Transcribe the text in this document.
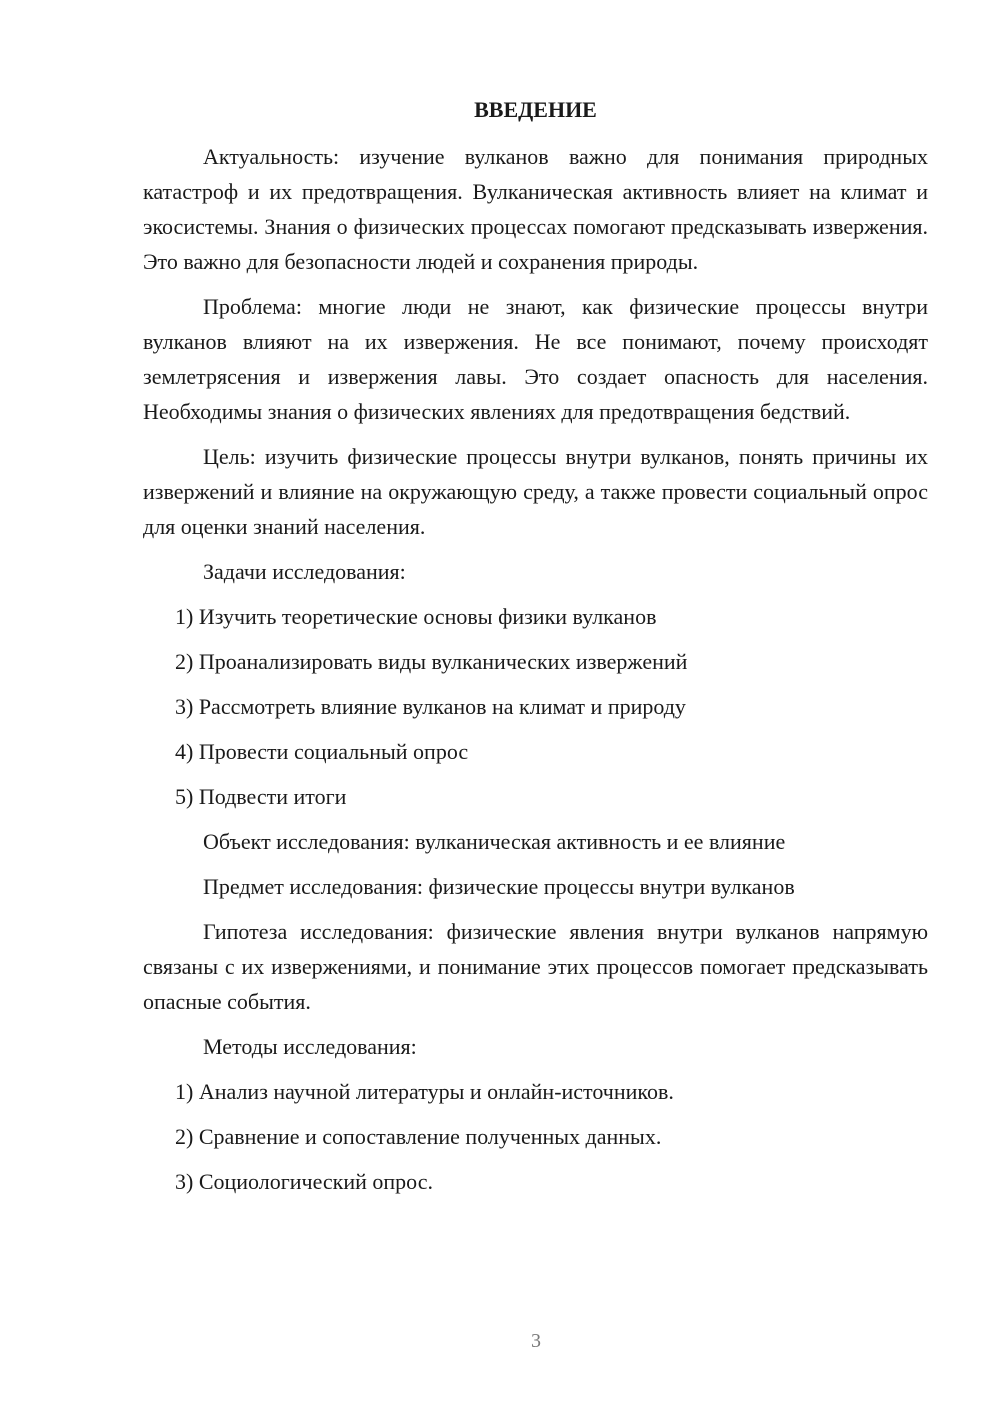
ВВЕДЕНИЕ

Актуальность: изучение вулканов важно для понимания природных катастроф и их предотвращения. Вулканическая активность влияет на климат и экосистемы. Знания о физических процессах помогают предсказывать извержения. Это важно для безопасности людей и сохранения природы.

Проблема: многие люди не знают, как физические процессы внутри вулканов влияют на их извержения. Не все понимают, почему происходят землетрясения и извержения лавы. Это создает опасность для населения. Необходимы знания о физических явлениях для предотвращения бедствий.

Цель: изучить физические процессы внутри вулканов, понять причины их извержений и влияние на окружающую среду, а также провести социальный опрос для оценки знаний населения.

Задачи исследования:

1) Изучить теоретические основы физики вулканов
2) Проанализировать виды вулканических извержений
3) Рассмотреть влияние вулканов на климат и природу
4) Провести социальный опрос
5) Подвести итоги

Объект исследования: вулканическая активность и ее влияние

Предмет исследования: физические процессы внутри вулканов

Гипотеза исследования: физические явления внутри вулканов напрямую связаны с их извержениями, и понимание этих процессов помогает предсказывать опасные события.

Методы исследования:

1) Анализ научной литературы и онлайн-источников.
2) Сравнение и сопоставление полученных данных.
3) Социологический опрос.
3
